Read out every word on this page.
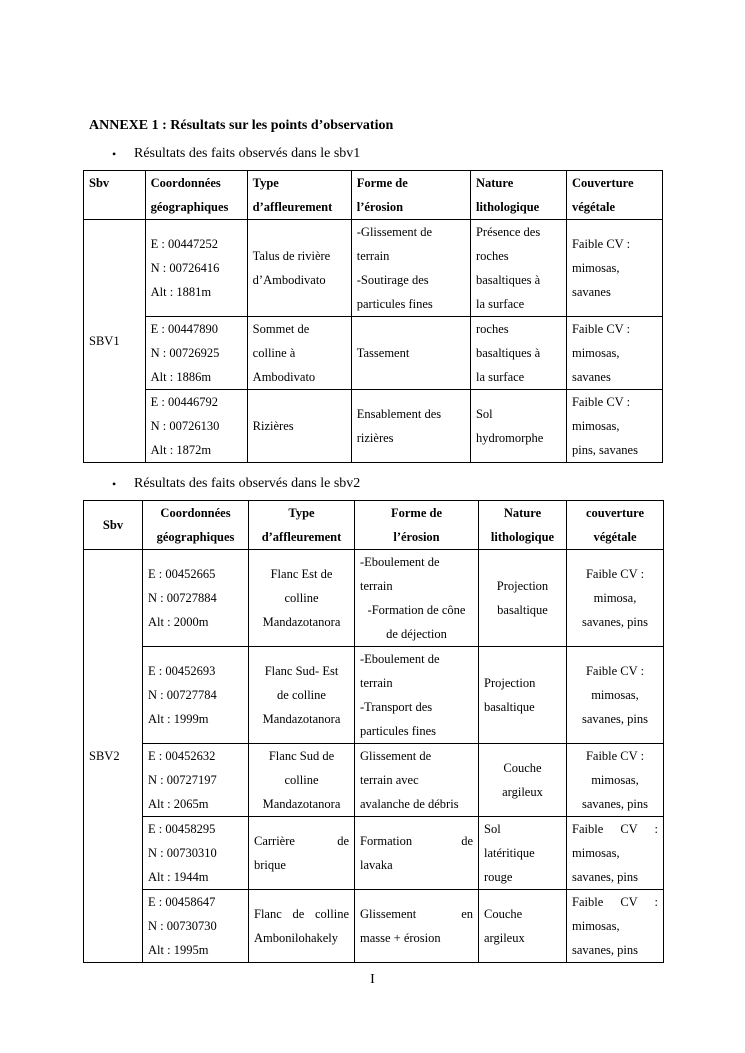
ANNEXE 1 : Résultats sur les points d’observation
•	Résultats des faits observés dans le sbv1
Sbv	Coordonnées
géographiques	Type
d’affleurement	Forme de
l’érosion	Nature
lithologique	Couverture
végétale

SBV1	E : 00447252
N : 00726416
Alt : 1881m	Talus de rivière
d’Ambodivato	-Glissement de
terrain
-Soutirage des
particules fines	Présence des
roches
basaltiques à
la surface	Faible CV :
mimosas,
savanes

	E : 00447890
N : 00726925
Alt : 1886m	Sommet de
colline à
Ambodivato	Tassement	roches
basaltiques à
la surface	Faible CV :
mimosas,
savanes

	E : 00446792
N : 00726130
Alt : 1872m	Rizières	Ensablement des
rizières	Sol
hydromorphe	Faible CV :
mimosas,
pins, savanes
•	Résultats des faits observés dans le sbv2
Sbv	Coordonnées
géographiques	Type
d’affleurement	Forme de
l’érosion	Nature
lithologique	couverture
végétale

SBV2	E : 00452665
N : 00727884
Alt : 2000m	Flanc Est de
colline
Mandazotanora	-Eboulement de
terrain
-Formation de cône
de déjection	Projection
basaltique	Faible CV :
mimosa,
savanes, pins

	E : 00452693
N : 00727784
Alt : 1999m	Flanc Sud- Est
de colline
Mandazotanora	-Eboulement de
terrain
-Transport des
particules fines	Projection
basaltique	Faible CV :
mimosas,
savanes, pins

	E : 00452632
N : 00727197
Alt : 2065m	Flanc Sud de
colline
Mandazotanora	Glissement de
terrain avec
avalanche de débris	Couche
argileux	Faible CV :
mimosas,
savanes, pins

	E : 00458295
N : 00730310
Alt : 1944m	Carrière de
brique	Formation de
lavaka	Sol
latéritique
rouge	Faible CV :
mimosas,
savanes, pins

	E : 00458647
N : 00730730
Alt : 1995m	Flanc de colline
Ambonilohakely	Glissement en
masse + érosion	Couche
argileux	Faible CV :
mimosas,
savanes, pins
I
